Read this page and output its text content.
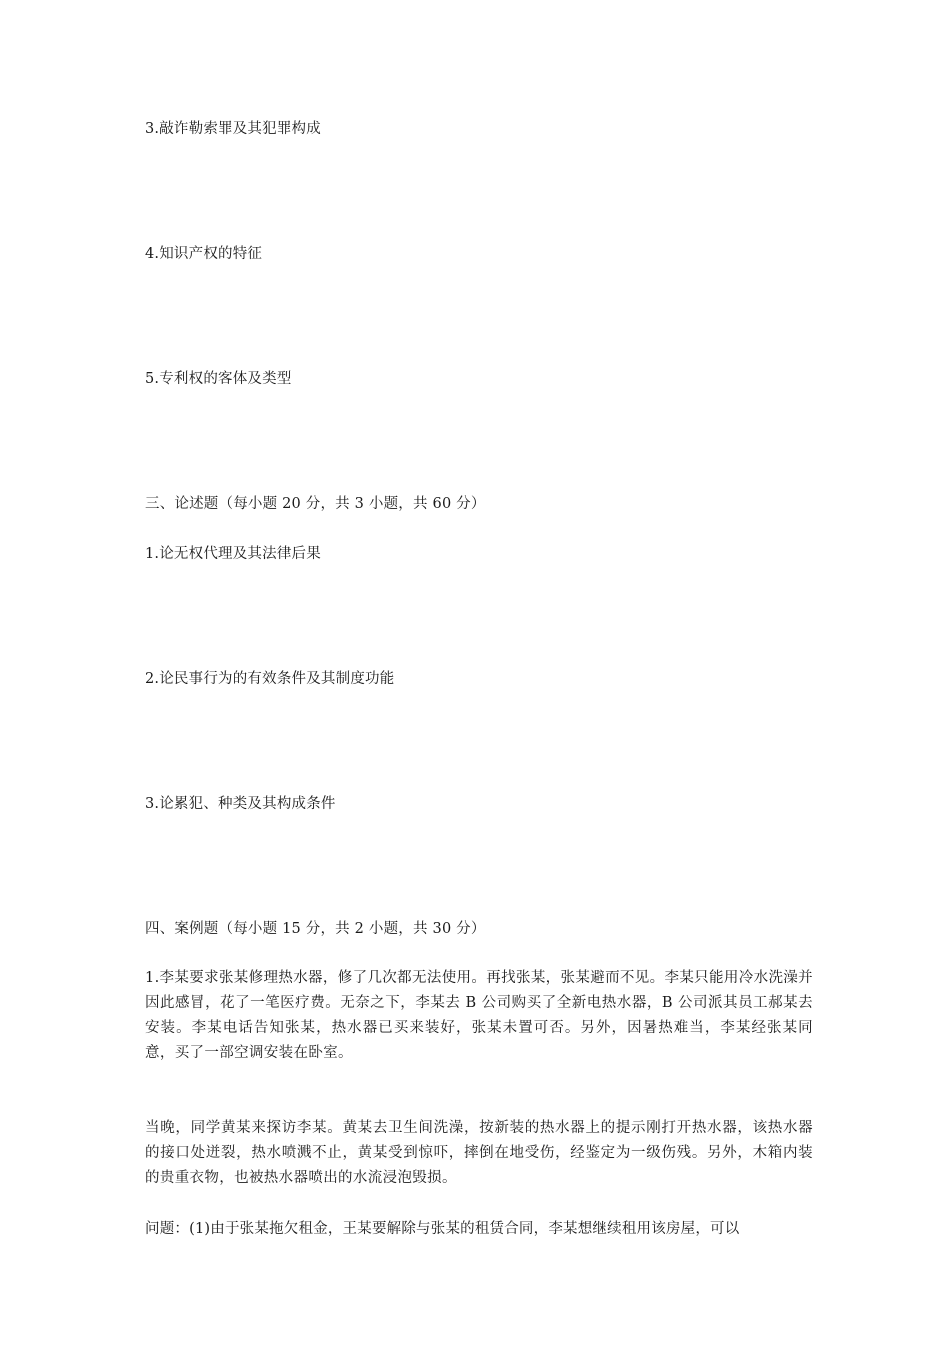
3.敲诈勒索罪及其犯罪构成
4.知识产权的特征
5.专利权的客体及类型
三、论述题（每小题 20 分，共 3 小题，共 60 分）
1.论无权代理及其法律后果
2.论民事行为的有效条件及其制度功能
3.论累犯、种类及其构成条件
四、案例题（每小题 15 分，共 2 小题，共 30 分）
1.李某要求张某修理热水器，修了几次都无法使用。再找张某，张某避而不见。李某只能用冷水洗澡并因此感冒，花了一笔医疗费。无奈之下，李某去 B 公司购买了全新电热水器，B 公司派其员工郝某去安装。李某电话告知张某，热水器已买来装好，张某未置可否。另外，因暑热难当，李某经张某同意，买了一部空调安装在卧室。
当晚，同学黄某来探访李某。黄某去卫生间洗澡，按新装的热水器上的提示刚打开热水器，该热水器的接口处迸裂，热水喷溅不止，黄某受到惊吓，摔倒在地受伤，经鉴定为一级伤残。另外，木箱内装的贵重衣物，也被热水器喷出的水流浸泡毁损。
问题：(1)由于张某拖欠租金，王某要解除与张某的租赁合同，李某想继续租用该房屋，可以
